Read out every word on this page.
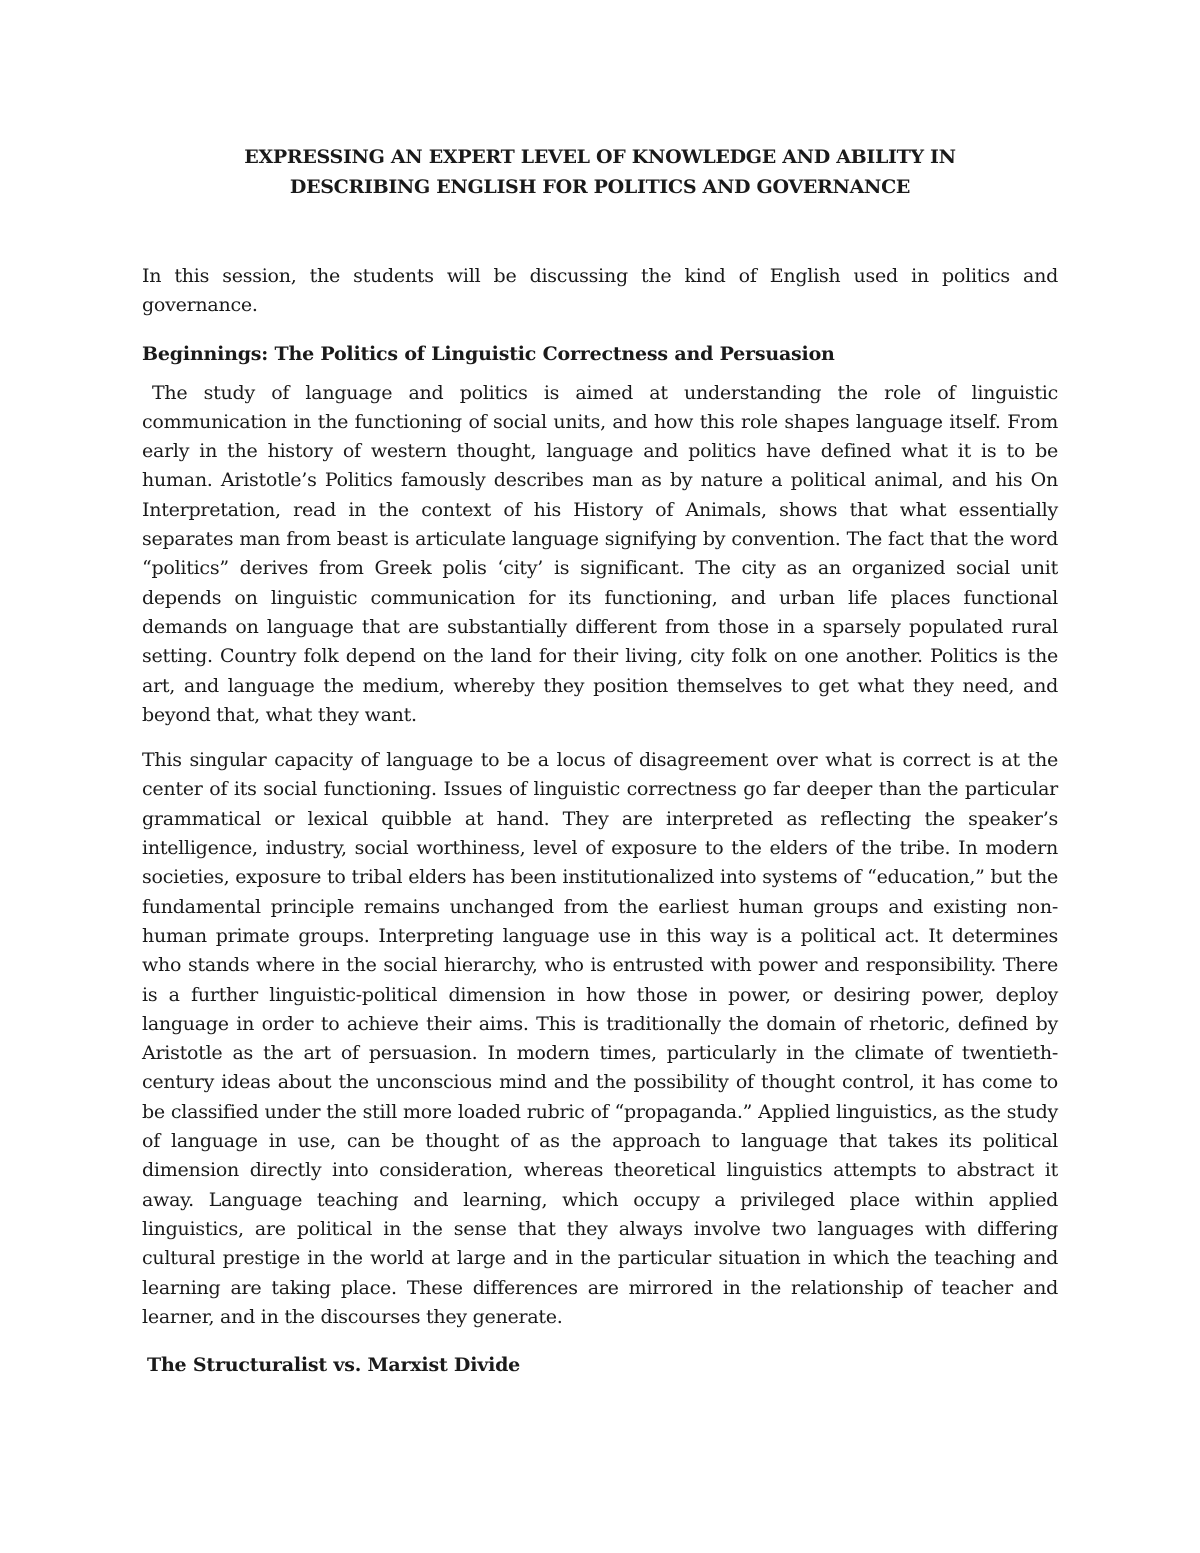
EXPRESSING AN EXPERT LEVEL OF KNOWLEDGE AND ABILITY IN
DESCRIBING ENGLISH FOR POLITICS AND GOVERNANCE

In this session, the students will be discussing the kind of English used in politics and governance.

Beginnings: The Politics of Linguistic Correctness and Persuasion

The study of language and politics is aimed at understanding the role of linguistic communication in the functioning of social units, and how this role shapes language itself. From early in the history of western thought, language and politics have defined what it is to be human. Aristotle’s Politics famously describes man as by nature a political animal, and his On Interpretation, read in the context of his History of Animals, shows that what essentially separates man from beast is articulate language signifying by convention. The fact that the word “politics” derives from Greek polis ‘city’ is significant. The city as an organized social unit depends on linguistic communication for its functioning, and urban life places functional demands on language that are substantially different from those in a sparsely populated rural setting. Country folk depend on the land for their living, city folk on one another. Politics is the art, and language the medium, whereby they position themselves to get what they need, and beyond that, what they want.

This singular capacity of language to be a locus of disagreement over what is correct is at the center of its social functioning. Issues of linguistic correctness go far deeper than the particular grammatical or lexical quibble at hand. They are interpreted as reflecting the speaker’s intelligence, industry, social worthiness, level of exposure to the elders of the tribe. In modern societies, exposure to tribal elders has been institutionalized into systems of “education,” but the fundamental principle remains unchanged from the earliest human groups and existing non-human primate groups. Interpreting language use in this way is a political act. It determines who stands where in the social hierarchy, who is entrusted with power and responsibility. There is a further linguistic-political dimension in how those in power, or desiring power, deploy language in order to achieve their aims. This is traditionally the domain of rhetoric, defined by Aristotle as the art of persuasion. In modern times, particularly in the climate of twentieth-century ideas about the unconscious mind and the possibility of thought control, it has come to be classified under the still more loaded rubric of “propaganda.” Applied linguistics, as the study of language in use, can be thought of as the approach to language that takes its political dimension directly into consideration, whereas theoretical linguistics attempts to abstract it away. Language teaching and learning, which occupy a privileged place within applied linguistics, are political in the sense that they always involve two languages with differing cultural prestige in the world at large and in the particular situation in which the teaching and learning are taking place. These differences are mirrored in the relationship of teacher and learner, and in the discourses they generate.

The Structuralist vs. Marxist Divide
